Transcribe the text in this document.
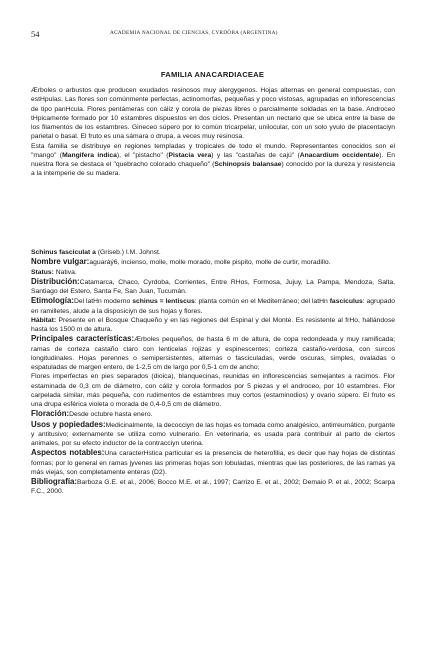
54	ACADEMIA NACIONAL DE CIENCIAS, CYRDÖBA (ARGENTINA)
FAMILIA ANACARDIACEAE

Ærboles o arbustos que producen exudados resinosos muy alergygenos. Hojas alternas en general compuestas, con estHpulas. Las flores son comúnmente perfectas, actinomorfas, pequeñas y poco vistosas, agrupadas en inflorescencias de tipo panHcula. Flores pentámeras con cáliz y corola de piezas libres o parcialmente soldadas en la base. Androceo tHpicamente formado por 10 estambres dispuestos en dos ciclos. Presentan un nectario que se ubica entre la base de los filamentos de los estambres. Gineceo súpero por lo común tricarpelar, unilocular, con un solo yvulo de placentaciyn parietal o basal. El fruto es una sámara o drupa, a veces muy resinosa.

Esta familia se distribuye en regiones templadas y tropicales de todo el mundo. Representantes conocidos son el "mango" (Mangifera indica), el "pistacho" (Pistacia vera) y las "castañas de cajú" (Anacardium occidentale). En nuestra flora se destaca el "quebracho colorado chaqueño" (Schinopsis balansae) conocido por la dureza y resistencia a la intemperie de su madera.

Schinus fasciculat a (Griseb.) I.M. Johnst.

Nombre vulgar:aguaráý6, incienso, molle, molle morado, molle pispito, molle de curtir, moradillo.

Status: Nativa.

Distribución:Catamarca, Chaco, Cyrdoba, Corrientes, Entre RHos, Formosa, Jujuy, La Pampa, Mendoza, Salta, Santiago del Estero, Santa Fe, San Juan, Tucumán.

Etimología:Del latHn moderno schinus = lentiscus: planta común en el Mediterráneo; del latHn fasciculus: agrupado en ramilletes, alude a la disposiciyn de sus hojas y flores.

Hábitat: Presente en el Bosque Chaqueño y en las regiones del Espinal y del Monte. Es resistente al frHo, hallándose hasta los 1500 m de altura.

Principales características:Ærboles pequeños, de hasta 6 m de altura, de copa redondeada y muy ramificada; ramas de corteza castaño claro con lenticelas rojizas y espinescentes; corteza castaño-verdosa, con surcos longitudinales. Hojas perennes o semipersistentes, alternas o fasciculadas, verde oscuras, simples, ovaladas o espatuladas de margen entero, de 1-2,5 cm de largo por 0,5-1 cm de ancho;

Flores imperfectas en pies separados (dioica), blanquecinas, reunidas en inflorescencias semejantes a racimos. Flor estaminada de 0,3 cm de diámetro, con cáliz y corola formados por 5 piezas y el androceo, por 10 estambres. Flor carpelada similar, más pequeña, con rudimentos de estambres muy cortos (estaminodios) y ovario súpero. El fruto es una drupa esférica violeta o morada de 0,4-0,5 cm de diámetro.

Floración:Desde octubre hasta enero.

Usos y popiedades:Medicinalmente, la decocciyn de las hojas es tomada como analgésico, antirreumático, purgante y antitusivo; externamente se utiliza como vulnerario. En veterinaria, es usada para contribuir al parto de ciertos animales, por su efecto inductor de la contracciyn uterina.

Aspectos notables:Una caracterHstica particular es la presencia de heterofilia, es decir que hay hojas de distintas formas; por lo general en ramas jyvenes las primeras hojas son lobuladas, mientras que las posteriores, de las ramas ya más viejas, son completamente enteras (D2).

Bibliografía:Barboza G.E. et al., 2006; Bocco M.E. et al., 1997; Carrizo E. et al., 2002; Demaio P. et al., 2002; Scarpa F.C., 2000.
